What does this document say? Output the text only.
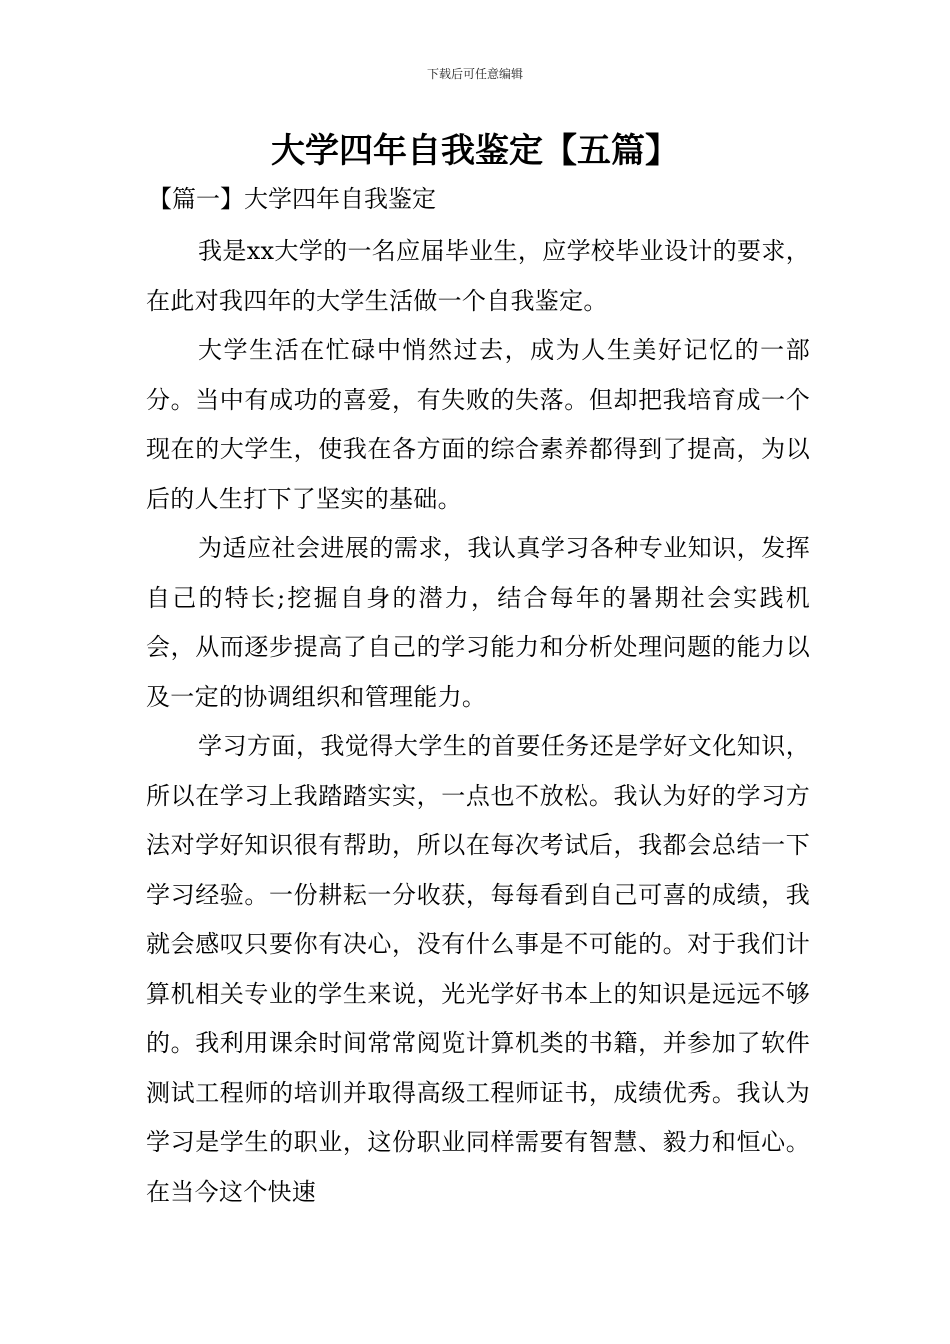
下载后可任意编辑
大学四年自我鉴定【五篇】
【篇一】大学四年自我鉴定

我是xx大学的一名应届毕业生，应学校毕业设计的要求，在此对我四年的大学生活做一个自我鉴定。

大学生活在忙碌中悄然过去，成为人生美好记忆的一部分。当中有成功的喜爱，有失败的失落。但却把我培育成一个现在的大学生，使我在各方面的综合素养都得到了提高，为以后的人生打下了坚实的基础。

为适应社会进展的需求，我认真学习各种专业知识，发挥自己的特长;挖掘自身的潜力，结合每年的暑期社会实践机会，从而逐步提高了自己的学习能力和分析处理问题的能力以及一定的协调组织和管理能力。

学习方面，我觉得大学生的首要任务还是学好文化知识，所以在学习上我踏踏实实，一点也不放松。我认为好的学习方法对学好知识很有帮助，所以在每次考试后，我都会总结一下学习经验。一份耕耘一分收获，每每看到自己可喜的成绩，我就会感叹只要你有决心，没有什么事是不可能的。对于我们计算机相关专业的学生来说，光光学好书本上的知识是远远不够的。我利用课余时间常常阅览计算机类的书籍，并参加了软件测试工程师的培训并取得高级工程师证书，成绩优秀。我认为学习是学生的职业，这份职业同样需要有智慧、毅力和恒心。在当今这个快速
